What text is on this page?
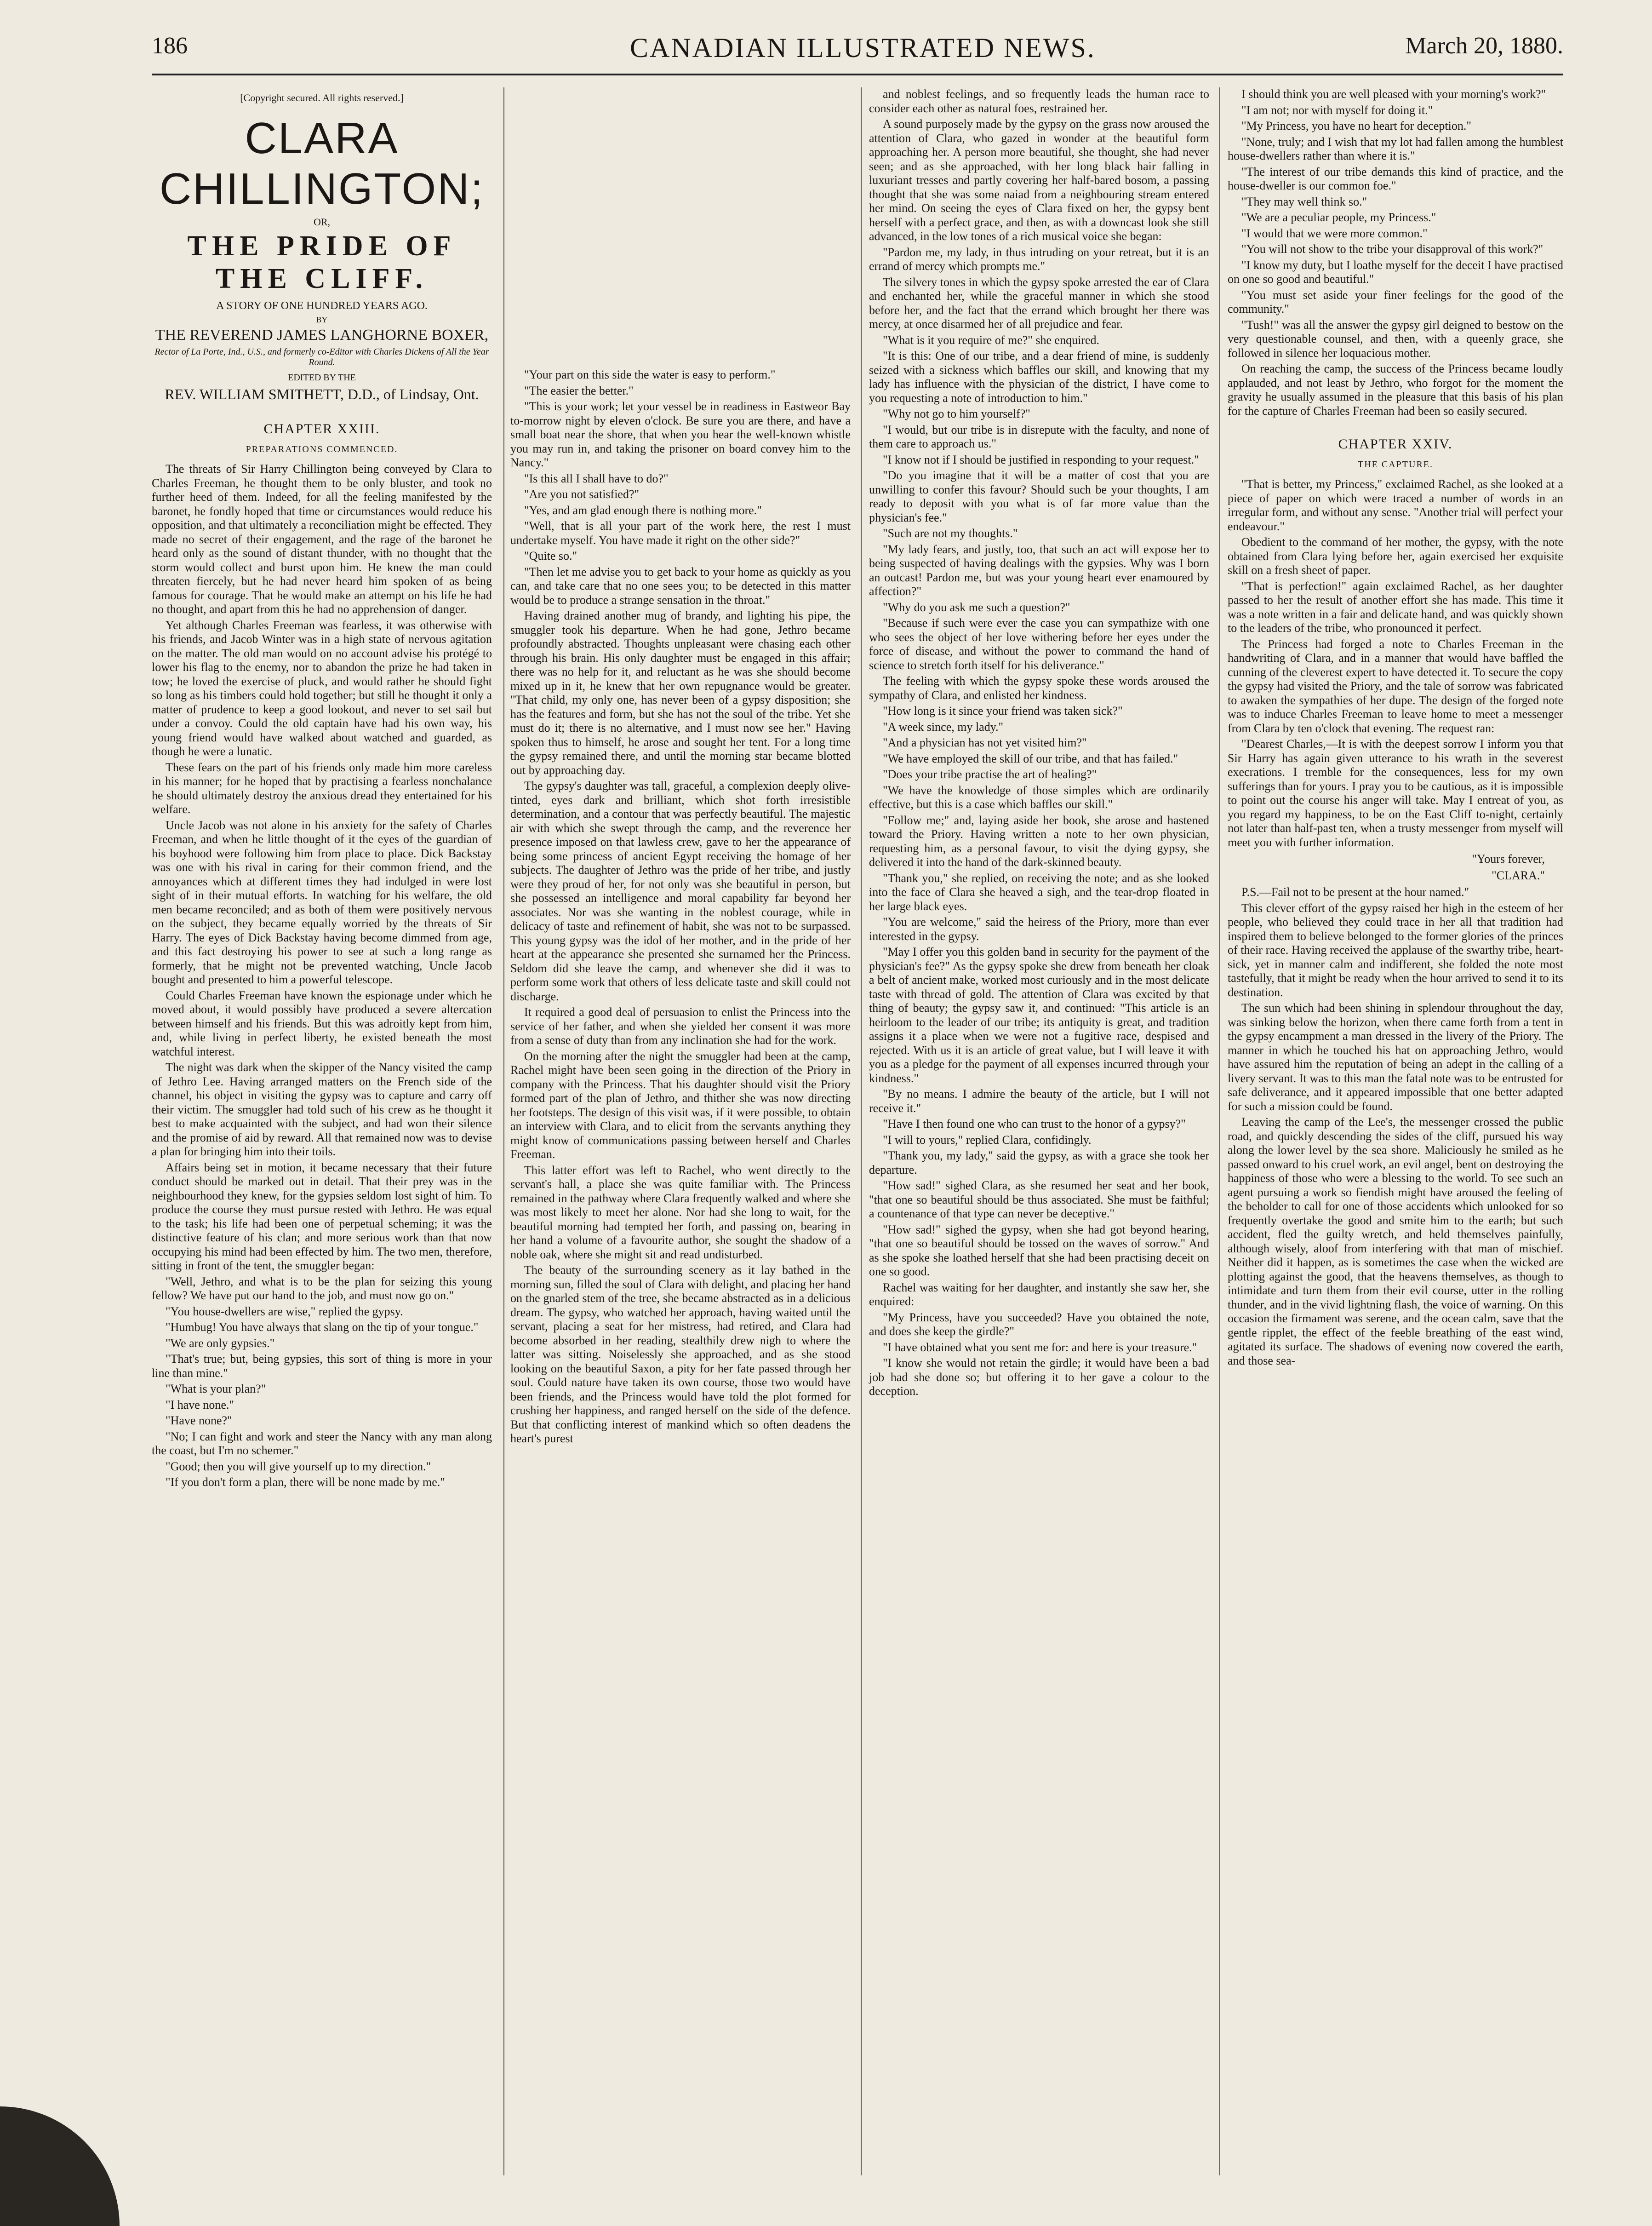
186	CANADIAN ILLUSTRATED NEWS.	March 20, 1880.
[Copyright secured. All rights reserved.]
CLARA CHILLINGTON;
OR,
THE PRIDE OF THE CLIFF.
A STORY OF ONE HUNDRED YEARS AGO.
BY
THE REVEREND JAMES LANGHORNE BOXER,
Rector of La Porte, Ind., U.S., and formerly co-Editor with Charles Dickens of All the Year Round.
EDITED BY THE
REV. WILLIAM SMITHETT, D.D., of Lindsay, Ont.
CHAPTER XXIII.
PREPARATIONS COMMENCED.

The threats of Sir Harry Chillington being conveyed by Clara to Charles Freeman, he thought them to be only bluster, and took no further heed of them. Indeed, for all the feeling manifested by the baronet, he fondly hoped that time or circumstances would reduce his opposition, and that ultimately a reconciliation might be effected. They made no secret of their engagement, and the rage of the baronet he heard only as the sound of distant thunder, with no thought that the storm would collect and burst upon him. He knew the man could threaten fiercely, but he had never heard him spoken of as being famous for courage. That he would make an attempt on his life he had no thought, and apart from this he had no apprehension of danger.

Yet although Charles Freeman was fearless, it was otherwise with his friends, and Jacob Winter was in a high state of nervous agitation on the matter. The old man would on no account advise his protégé to lower his flag to the enemy, nor to abandon the prize he had taken in tow; he loved the exercise of pluck, and would rather he should fight so long as his timbers could hold together; but still he thought it only a matter of prudence to keep a good lookout, and never to set sail but under a convoy. Could the old captain have had his own way, his young friend would have walked about watched and guarded, as though he were a lunatic.

These fears on the part of his friends only made him more careless in his manner; for he hoped that by practising a fearless nonchalance he should ultimately destroy the anxious dread they entertained for his welfare.

Uncle Jacob was not alone in his anxiety for the safety of Charles Freeman, and when he little thought of it the eyes of the guardian of his boyhood were following him from place to place. Dick Backstay was one with his rival in caring for their common friend, and the annoyances which at different times they had indulged in were lost sight of in their mutual efforts. In watching for his welfare, the old men became reconciled; and as both of them were positively nervous on the subject, they became equally worried by the threats of Sir Harry. The eyes of Dick Backstay having become dimmed from age, and this fact destroying his power to see at such a long range as formerly, that he might not be prevented watching, Uncle Jacob bought and presented to him a powerful telescope.

Could Charles Freeman have known the espionage under which he moved about, it would possibly have produced a severe altercation between himself and his friends. But this was adroitly kept from him, and, while living in perfect liberty, he existed beneath the most watchful interest.

The night was dark when the skipper of the Nancy visited the camp of Jethro Lee. Having arranged matters on the French side of the channel, his object in visiting the gypsy was to capture and carry off their victim. The smuggler had told such of his crew as he thought it best to make acquainted with the subject, and had won their silence and the promise of aid by reward. All that remained now was to devise a plan for bringing him into their toils.

Affairs being set in motion, it became necessary that their future conduct should be marked out in detail. That their prey was in the neighbourhood they knew, for the gypsies seldom lost sight of him. To produce the course they must pursue rested with Jethro. He was equal to the task; his life had been one of perpetual scheming; it was the distinctive feature of his clan; and more serious work than that now occupying his mind had been effected by him. The two men, therefore, sitting in front of the tent, the smuggler began:

"Well, Jethro, and what is to be the plan for seizing this young fellow? We have put our hand to the job, and must now go on."

"You house-dwellers are wise," replied the gypsy.

"Humbug! You have always that slang on the tip of your tongue."

"We are only gypsies."

"That's true; but, being gypsies, this sort of thing is more in your line than mine."

"What is your plan?"

"I have none."

"Have none?"

"No; I can fight and work and steer the Nancy with any man along the coast, but I'm no schemer."

"Good; then you will give yourself up to my direction."

"If you don't form a plan, there will be none made by me."

"Your part on this side the water is easy to perform."

"The easier the better."

"This is your work; let your vessel be in readiness in Eastweor Bay to-morrow night by eleven o'clock. Be sure you are there, and have a small boat near the shore, that when you hear the well-known whistle you may run in, and taking the prisoner on board convey him to the Nancy."

"Is this all I shall have to do?"

"Are you not satisfied?"

"Yes, and am glad enough there is nothing more."

"Well, that is all your part of the work here, the rest I must undertake myself. You have made it right on the other side?"

"Quite so."

"Then let me advise you to get back to your home as quickly as you can, and take care that no one sees you; to be detected in this matter would be to produce a strange sensation in the throat."

Having drained another mug of brandy, and lighting his pipe, the smuggler took his departure. When he had gone, Jethro became profoundly abstracted. Thoughts unpleasant were chasing each other through his brain. His only daughter must be engaged in this affair; there was no help for it, and reluctant as he was she should become mixed up in it, he knew that her own repugnance would be greater. "That child, my only one, has never been of a gypsy disposition; she has the features and form, but she has not the soul of the tribe. Yet she must do it; there is no alternative, and I must now see her." Having spoken thus to himself, he arose and sought her tent. For a long time the gypsy remained there, and until the morning star became blotted out by approaching day.

The gypsy's daughter was tall, graceful, a complexion deeply olive-tinted, eyes dark and brilliant, which shot forth irresistible determination, and a contour that was perfectly beautiful. The majestic air with which she swept through the camp, and the reverence her presence imposed on that lawless crew, gave to her the appearance of being some princess of ancient Egypt receiving the homage of her subjects. The daughter of Jethro was the pride of her tribe, and justly were they proud of her, for not only was she beautiful in person, but she possessed an intelligence and moral capability far beyond her associates. Nor was she wanting in the noblest courage, while in delicacy of taste and refinement of habit, she was not to be surpassed. This young gypsy was the idol of her mother, and in the pride of her heart at the appearance she presented she surnamed her the Princess. Seldom did she leave the camp, and whenever she did it was to perform some work that others of less delicate taste and skill could not discharge.

It required a good deal of persuasion to enlist the Princess into the service of her father, and when she yielded her consent it was more from a sense of duty than from any inclination she had for the work.

On the morning after the night the smuggler had been at the camp, Rachel might have been seen going in the direction of the Priory in company with the Princess. That his daughter should visit the Priory formed part of the plan of Jethro, and thither she was now directing her footsteps. The design of this visit was, if it were possible, to obtain an interview with Clara, and to elicit from the servants anything they might know of communications passing between herself and Charles Freeman.

This latter effort was left to Rachel, who went directly to the servant's hall, a place she was quite familiar with. The Princess remained in the pathway where Clara frequently walked and where she was most likely to meet her alone. Nor had she long to wait, for the beautiful morning had tempted her forth, and passing on, bearing in her hand a volume of a favourite author, she sought the shadow of a noble oak, where she might sit and read undisturbed.

The beauty of the surrounding scenery as it lay bathed in the morning sun, filled the soul of Clara with delight, and placing her hand on the gnarled stem of the tree, she became abstracted as in a delicious dream. The gypsy, who watched her approach, having waited until the servant, placing a seat for her mistress, had retired, and Clara had become absorbed in her reading, stealthily drew nigh to where the latter was sitting. Noiselessly she approached, and as she stood looking on the beautiful Saxon, a pity for her fate passed through her soul. Could nature have taken its own course, those two would have been friends, and the Princess would have told the plot formed for crushing her happiness, and ranged herself on the side of the defence. But that conflicting interest of mankind which so often deadens the heart's purest

and noblest feelings, and so frequently leads the human race to consider each other as natural foes, restrained her.

A sound purposely made by the gypsy on the grass now aroused the attention of Clara, who gazed in wonder at the beautiful form approaching her. A person more beautiful, she thought, she had never seen; and as she approached, with her long black hair falling in luxuriant tresses and partly covering her half-bared bosom, a passing thought that she was some naiad from a neighbouring stream entered her mind. On seeing the eyes of Clara fixed on her, the gypsy bent herself with a perfect grace, and then, as with a downcast look she still advanced, in the low tones of a rich musical voice she began:

"Pardon me, my lady, in thus intruding on your retreat, but it is an errand of mercy which prompts me."

The silvery tones in which the gypsy spoke arrested the ear of Clara and enchanted her, while the graceful manner in which she stood before her, and the fact that the errand which brought her there was mercy, at once disarmed her of all prejudice and fear.

"What is it you require of me?" she enquired.

"It is this: One of our tribe, and a dear friend of mine, is suddenly seized with a sickness which baffles our skill, and knowing that my lady has influence with the physician of the district, I have come to you requesting a note of introduction to him."

"Why not go to him yourself?"

"I would, but our tribe is in disrepute with the faculty, and none of them care to approach us."

"I know not if I should be justified in responding to your request."

"Do you imagine that it will be a matter of cost that you are unwilling to confer this favour? Should such be your thoughts, I am ready to deposit with you what is of far more value than the physician's fee."

"Such are not my thoughts."

"My lady fears, and justly, too, that such an act will expose her to being suspected of having dealings with the gypsies. Why was I born an outcast! Pardon me, but was your young heart ever enamoured by affection?"

"Why do you ask me such a question?"

"Because if such were ever the case you can sympathize with one who sees the object of her love withering before her eyes under the force of disease, and without the power to command the hand of science to stretch forth itself for his deliverance."

The feeling with which the gypsy spoke these words aroused the sympathy of Clara, and enlisted her kindness.

"How long is it since your friend was taken sick?"

"A week since, my lady."

"And a physician has not yet visited him?"

"We have employed the skill of our tribe, and that has failed."

"Does your tribe practise the art of healing?"

"We have the knowledge of those simples which are ordinarily effective, but this is a case which baffles our skill."

"Follow me;" and, laying aside her book, she arose and hastened toward the Priory. Having written a note to her own physician, requesting him, as a personal favour, to visit the dying gypsy, she delivered it into the hand of the dark-skinned beauty.

"Thank you," she replied, on receiving the note; and as she looked into the face of Clara she heaved a sigh, and the tear-drop floated in her large black eyes.

"You are welcome," said the heiress of the Priory, more than ever interested in the gypsy.

"May I offer you this golden band in security for the payment of the physician's fee?" As the gypsy spoke she drew from beneath her cloak a belt of ancient make, worked most curiously and in the most delicate taste with thread of gold. The attention of Clara was excited by that thing of beauty; the gypsy saw it, and continued: "This article is an heirloom to the leader of our tribe; its antiquity is great, and tradition assigns it a place when we were not a fugitive race, despised and rejected. With us it is an article of great value, but I will leave it with you as a pledge for the payment of all expenses incurred through your kindness."

"By no means. I admire the beauty of the article, but I will not receive it."

"Have I then found one who can trust to the honor of a gypsy?"

"I will to yours," replied Clara, confidingly.

"Thank you, my lady," said the gypsy, as with a grace she took her departure.

"How sad!" sighed Clara, as she resumed her seat and her book, "that one so beautiful should be thus associated. She must be faithful; a countenance of that type can never be deceptive."

"How sad!" sighed the gypsy, when she had got beyond hearing, "that one so beautiful should be tossed on the waves of sorrow." And as she spoke she loathed herself that she had been practising deceit on one so good.

Rachel was waiting for her daughter, and instantly she saw her, she enquired:

"My Princess, have you succeeded? Have you obtained the note, and does she keep the girdle?"

"I have obtained what you sent me for: and here is your treasure."

"I know she would not retain the girdle; it would have been a bad job had she done so; but offering it to her gave a colour to the deception.

I should think you are well pleased with your morning's work?"

"I am not; nor with myself for doing it."

"My Princess, you have no heart for deception."

"None, truly; and I wish that my lot had fallen among the humblest house-dwellers rather than where it is."

"The interest of our tribe demands this kind of practice, and the house-dweller is our common foe."

"They may well think so."

"We are a peculiar people, my Princess."

"I would that we were more common."

"You will not show to the tribe your disapproval of this work?"

"I know my duty, but I loathe myself for the deceit I have practised on one so good and beautiful."

"You must set aside your finer feelings for the good of the community."

"Tush!" was all the answer the gypsy girl deigned to bestow on the very questionable counsel, and then, with a queenly grace, she followed in silence her loquacious mother.

On reaching the camp, the success of the Princess became loudly applauded, and not least by Jethro, who forgot for the moment the gravity he usually assumed in the pleasure that this basis of his plan for the capture of Charles Freeman had been so easily secured.

CHAPTER XXIV.
THE CAPTURE.

"That is better, my Princess," exclaimed Rachel, as she looked at a piece of paper on which were traced a number of words in an irregular form, and without any sense. "Another trial will perfect your endeavour."

Obedient to the command of her mother, the gypsy, with the note obtained from Clara lying before her, again exercised her exquisite skill on a fresh sheet of paper.

"That is perfection!" again exclaimed Rachel, as her daughter passed to her the result of another effort she has made. This time it was a note written in a fair and delicate hand, and was quickly shown to the leaders of the tribe, who pronounced it perfect.

The Princess had forged a note to Charles Freeman in the handwriting of Clara, and in a manner that would have baffled the cunning of the cleverest expert to have detected it. To secure the copy the gypsy had visited the Priory, and the tale of sorrow was fabricated to awaken the sympathies of her dupe. The design of the forged note was to induce Charles Freeman to leave home to meet a messenger from Clara by ten o'clock that evening. The request ran:

"Dearest Charles,—It is with the deepest sorrow I inform you that Sir Harry has again given utterance to his wrath in the severest execrations. I tremble for the consequences, less for my own sufferings than for yours. I pray you to be cautious, as it is impossible to point out the course his anger will take. May I entreat of you, as you regard my happiness, to be on the East Cliff to-night, certainly not later than half-past ten, when a trusty messenger from myself will meet you with further information.

"Yours forever,
"CLARA."

P.S.—Fail not to be present at the hour named."

This clever effort of the gypsy raised her high in the esteem of her people, who believed they could trace in her all that tradition had inspired them to believe belonged to the former glories of the princes of their race. Having received the applause of the swarthy tribe, heart-sick, yet in manner calm and indifferent, she folded the note most tastefully, that it might be ready when the hour arrived to send it to its destination.

The sun which had been shining in splendour throughout the day, was sinking below the horizon, when there came forth from a tent in the gypsy encampment a man dressed in the livery of the Priory. The manner in which he touched his hat on approaching Jethro, would have assured him the reputation of being an adept in the calling of a livery servant. It was to this man the fatal note was to be entrusted for safe deliverance, and it appeared impossible that one better adapted for such a mission could be found.

Leaving the camp of the Lee's, the messenger crossed the public road, and quickly descending the sides of the cliff, pursued his way along the lower level by the sea shore. Maliciously he smiled as he passed onward to his cruel work, an evil angel, bent on destroying the happiness of those who were a blessing to the world. To see such an agent pursuing a work so fiendish might have aroused the feeling of the beholder to call for one of those accidents which unlooked for so frequently overtake the good and smite him to the earth; but such accident, fled the guilty wretch, and held themselves painfully, although wisely, aloof from interfering with that man of mischief. Neither did it happen, as is sometimes the case when the wicked are plotting against the good, that the heavens themselves, as though to intimidate and turn them from their evil course, utter in the rolling thunder, and in the vivid lightning flash, the voice of warning. On this occasion the firmament was serene, and the ocean calm, save that the gentle ripplet, the effect of the feeble breathing of the east wind, agitated its surface. The shadows of evening now covered the earth, and those sea-
